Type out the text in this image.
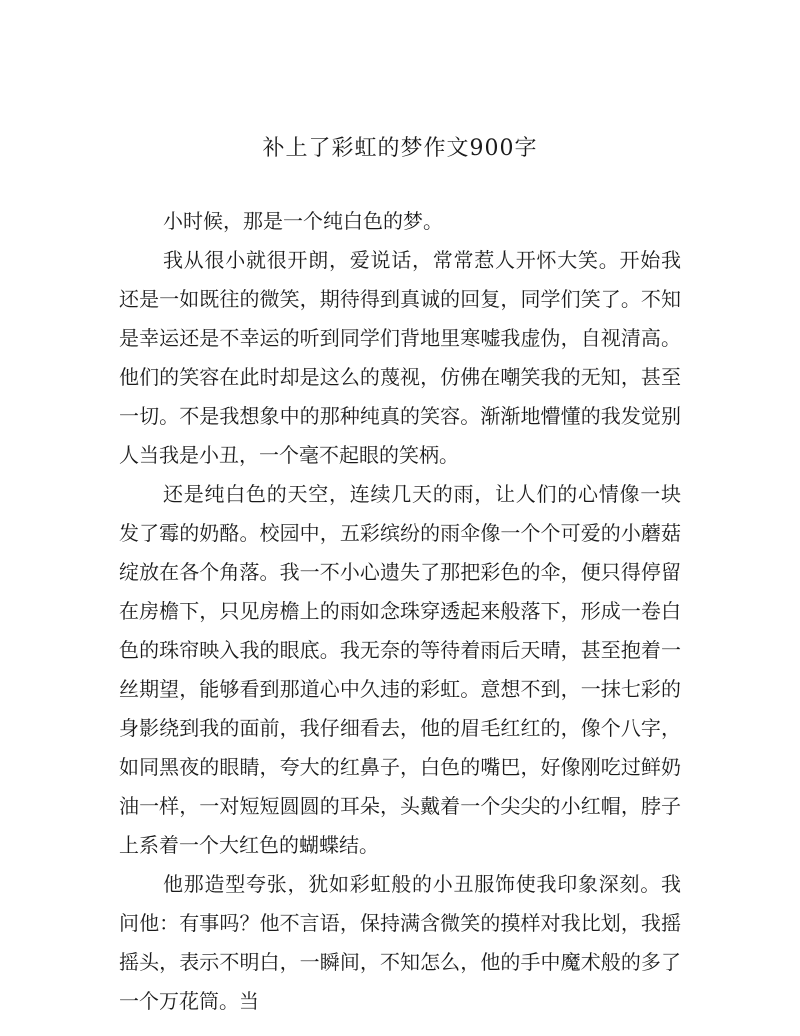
补上了彩虹的梦作文900字

小时候，那是一个纯白色的梦。

我从很小就很开朗，爱说话，常常惹人开怀大笑。开始我还是一如既往的微笑，期待得到真诚的回复，同学们笑了。不知是幸运还是不幸运的听到同学们背地里寒嘘我虚伪，自视清高。他们的笑容在此时却是这么的蔑视，仿佛在嘲笑我的无知，甚至一切。不是我想象中的那种纯真的笑容。渐渐地懵懂的我发觉别人当我是小丑，一个毫不起眼的笑柄。

还是纯白色的天空，连续几天的雨，让人们的心情像一块发了霉的奶酪。校园中，五彩缤纷的雨伞像一个个可爱的小蘑菇绽放在各个角落。我一不小心遗失了那把彩色的伞，便只得停留在房檐下，只见房檐上的雨如念珠穿透起来般落下，形成一卷白色的珠帘映入我的眼底。我无奈的等待着雨后天晴，甚至抱着一丝期望，能够看到那道心中久违的彩虹。意想不到，一抹七彩的身影绕到我的面前，我仔细看去，他的眉毛红红的，像个八字，如同黑夜的眼睛，夸大的红鼻子，白色的嘴巴，好像刚吃过鲜奶油一样，一对短短圆圆的耳朵，头戴着一个尖尖的小红帽，脖子上系着一个大红色的蝴蝶结。

他那造型夸张，犹如彩虹般的小丑服饰使我印象深刻。我问他：有事吗？他不言语，保持满含微笑的摸样对我比划，我摇摇头，表示不明白，一瞬间，不知怎么，他的手中魔术般的多了一个万花筒。当
